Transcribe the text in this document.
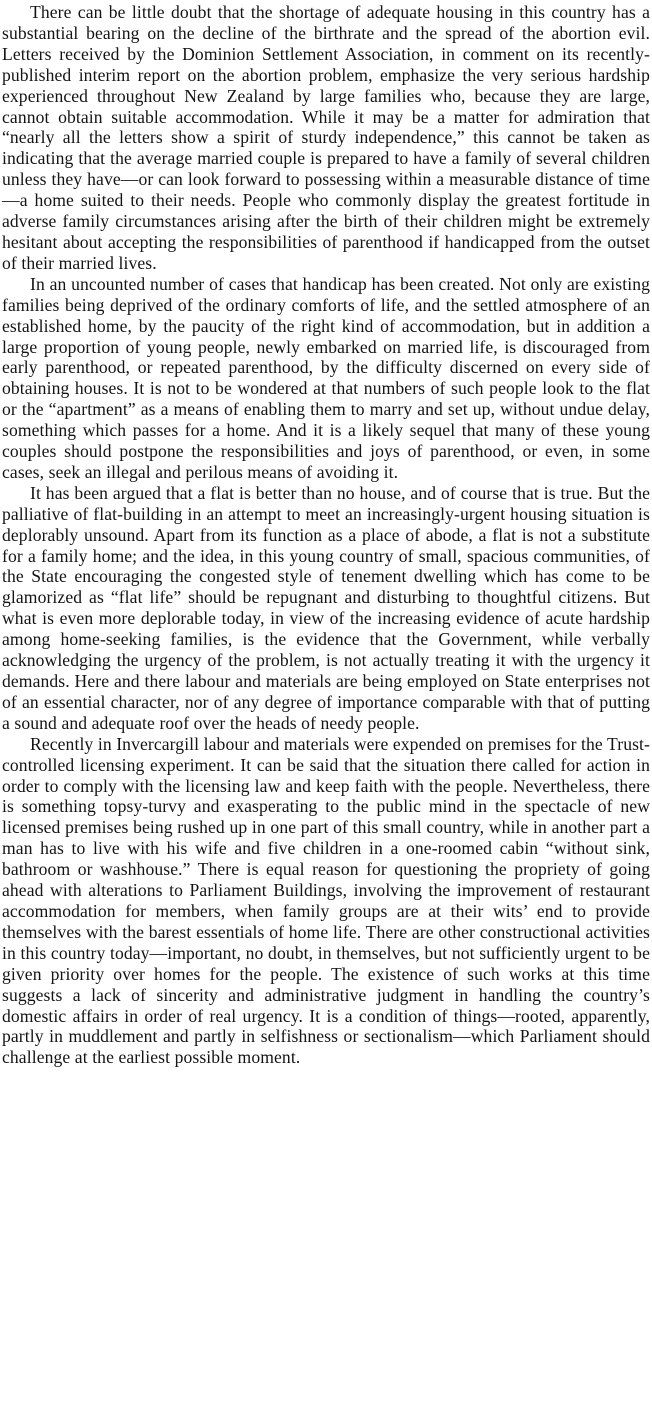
There can be little doubt that the shortage of adequate housing in this country has a substantial bearing on the decline of the birthrate and the spread of the abortion evil. Letters received by the Dominion Settlement Association, in comment on its recently-published interim report on the abortion problem, emphasize the very serious hardship experienced throughout New Zealand by large families who, because they are large, cannot obtain suitable accommodation. While it may be a matter for admiration that “nearly all the letters show a spirit of sturdy independence,” this cannot be taken as indicating that the average married couple is prepared to have a family of several children unless they have—or can look forward to possessing within a measurable distance of time—a home suited to their needs. People who commonly display the greatest fortitude in adverse family circumstances arising after the birth of their children might be extremely hesitant about accepting the responsibilities of parenthood if handicapped from the outset of their married lives.

In an uncounted number of cases that handicap has been created. Not only are existing families being deprived of the ordinary comforts of life, and the settled atmosphere of an established home, by the paucity of the right kind of accommodation, but in addition a large proportion of young people, newly embarked on married life, is discouraged from early parenthood, or repeated parenthood, by the difficulty discerned on every side of obtaining houses. It is not to be wondered at that numbers of such people look to the flat or the “apartment” as a means of enabling them to marry and set up, without undue delay, something which passes for a home. And it is a likely sequel that many of these young couples should postpone the responsibilities and joys of parenthood, or even, in some cases, seek an illegal and perilous means of avoiding it.

It has been argued that a flat is better than no house, and of course that is true. But the palliative of flat-building in an attempt to meet an increasingly-urgent housing situation is deplorably unsound. Apart from its function as a place of abode, a flat is not a substitute for a family home; and the idea, in this young country of small, spacious communities, of the State encouraging the congested style of tenement dwelling which has come to be glamorized as “flat life” should be repugnant and disturbing to thoughtful citizens. But what is even more deplorable today, in view of the increasing evidence of acute hardship among home-seeking families, is the evidence that the Government, while verbally acknowledging the urgency of the problem, is not actually treating it with the urgency it demands. Here and there labour and materials are being employed on State enterprises not of an essential character, nor of any degree of importance comparable with that of putting a sound and adequate roof over the heads of needy people.

Recently in Invercargill labour and materials were expended on premises for the Trust-controlled licensing experiment. It can be said that the situation there called for action in order to comply with the licensing law and keep faith with the people. Nevertheless, there is something topsy-turvy and exasperating to the public mind in the spectacle of new licensed premises being rushed up in one part of this small country, while in another part a man has to live with his wife and five children in a one-roomed cabin “without sink, bathroom or washhouse.” There is equal reason for questioning the propriety of going ahead with alterations to Parliament Buildings, involving the improvement of restaurant accommodation for members, when family groups are at their wits’ end to provide themselves with the barest essentials of home life. There are other constructional activities in this country today—important, no doubt, in themselves, but not sufficiently urgent to be given priority over homes for the people. The existence of such works at this time suggests a lack of sincerity and administrative judgment in handling the country’s domestic affairs in order of real urgency. It is a condition of things—rooted, apparently, partly in muddlement and partly in selfishness or sectionalism—which Parliament should challenge at the earliest possible moment.
